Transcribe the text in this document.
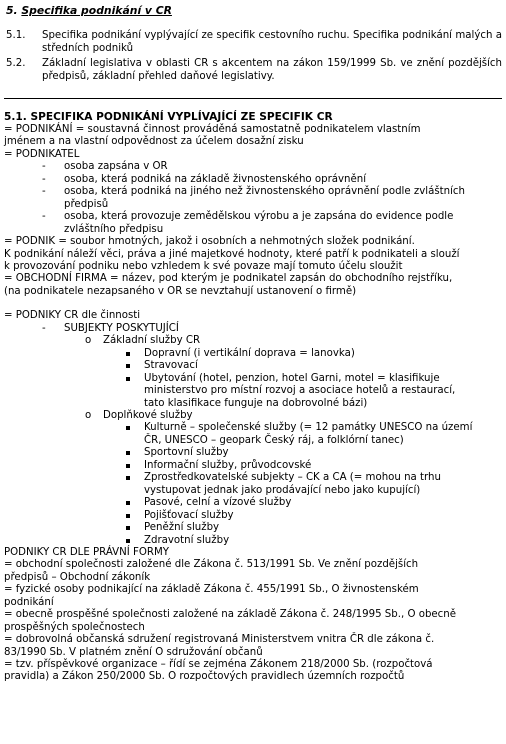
5. Specifika podnikání v CR
5.1.	Specifika podnikání vyplývající ze specifik cestovního ruchu. Specifika podnikání malých a středních podniků
5.2.	Základní legislativa v oblasti CR s akcentem na zákon 159/1999 Sb. ve znění pozdějších předpisů, základní přehled daňové legislativy.
5.1. SPECIFIKA PODNIKÁNÍ VYPLÍVAJÍCÍ ZE SPECIFIK CR
= PODNIKÁNÍ = soustavná činnost prováděná samostatně podnikatelem vlastním
jménem a na vlastní odpovědnost za účelem dosažní zisku
= PODNIKATEL
- osoba zapsána v OR
- osoba, která podniká na základě živnostenského oprávnění
- osoba, která podniká na jiného než živnostenského oprávnění podle zvláštních
předpisů
- osoba, která provozuje zemědělskou výrobu a je zapsána do evidence podle
zvláštního předpisu
= PODNIK = soubor hmotných, jakož i osobních a nehmotných složek podnikání.
K podnikání náleží věci, práva a jiné majetkové hodnoty, které patří k podnikateli a slouží
k provozování podniku nebo vzhledem k své povaze mají tomuto účelu sloužit
= OBCHODNÍ FIRMA = název, pod kterým je podnikatel zapsán do obchodního rejstříku,
(na podnikatele nezapsaného v OR se nevztahují ustanovení o firmě)
= PODNIKY CR dle činnosti
- SUBJEKTY POSKYTUJÍCÍ
o Základní služby CR
Dopravní (i vertikální doprava = lanovka)
Stravovací
Ubytování (hotel, penzion, hotel Garni, motel = klasifikuje
ministerstvo pro místní rozvoj a asociace hotelů a restaurací,
tato klasifikace funguje na dobrovolné bázi)
o Doplňkové služby
Kulturně – společenské služby (= 12 památky UNESCO na území
ČR, UNESCO – geopark Český ráj, a folklórní tanec)
Sportovní služby
Informační služby, průvodcovské
Zprostředkovatelské subjekty – CK a CA (= mohou na trhu
vystupovat jednak jako prodávající nebo jako kupující)
Pasové, celní a vízové služby
Pojišťovací služby
Peněžní služby
Zdravotní služby
PODNIKY CR DLE PRÁVNÍ FORMY
= obchodní společnosti založené dle Zákona č. 513/1991 Sb. Ve znění pozdějších
předpisů – Obchodní zákoník
= fyzické osoby podnikající na základě Zákona č. 455/1991 Sb., O živnostenském
podnikání
= obecně prospěšné společnosti založené na základě Zákona č. 248/1995 Sb., O obecně
prospěšných společnostech
= dobrovolná občanská sdružení registrovaná Ministerstvem vnitra ČR dle zákona č.
83/1990 Sb. V platném znění O sdružování občanů
= tzv. příspěvkové organizace – řídí se zejména Zákonem 218/2000 Sb. (rozpočtová
pravidla) a Zákon 250/2000 Sb. O rozpočtových pravidlech územních rozpočtů
